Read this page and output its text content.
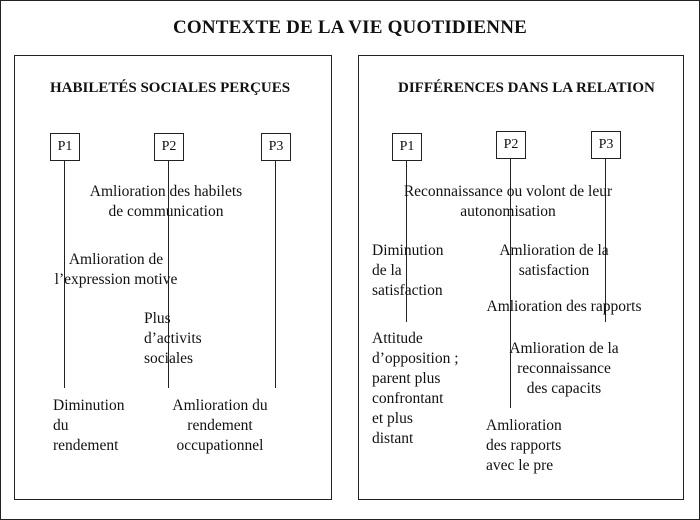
CONTEXTE DE LA VIE QUOTIDIENNE
HABILETÉS SOCIALES PERÇUES
P1	P2	P3
Amlioration des habilets
de communication
Amlioration de
l’expression motive
Plus
d’activits
sociales
Diminution
du
rendement
Amlioration du
rendement
occupationnel
DIFFÉRENCES DANS LA RELATION
P1	P2	P3
Reconnaissance ou volont de leur
autonomisation
Diminution
de la
satisfaction
Attitude
d’opposition ;
parent plus
confrontant
et plus
distant
Amlioration de la
satisfaction
Amlioration des rapports
Amlioration de la
reconnaissance
des capacits
Amlioration
des rapports
avec le pre
